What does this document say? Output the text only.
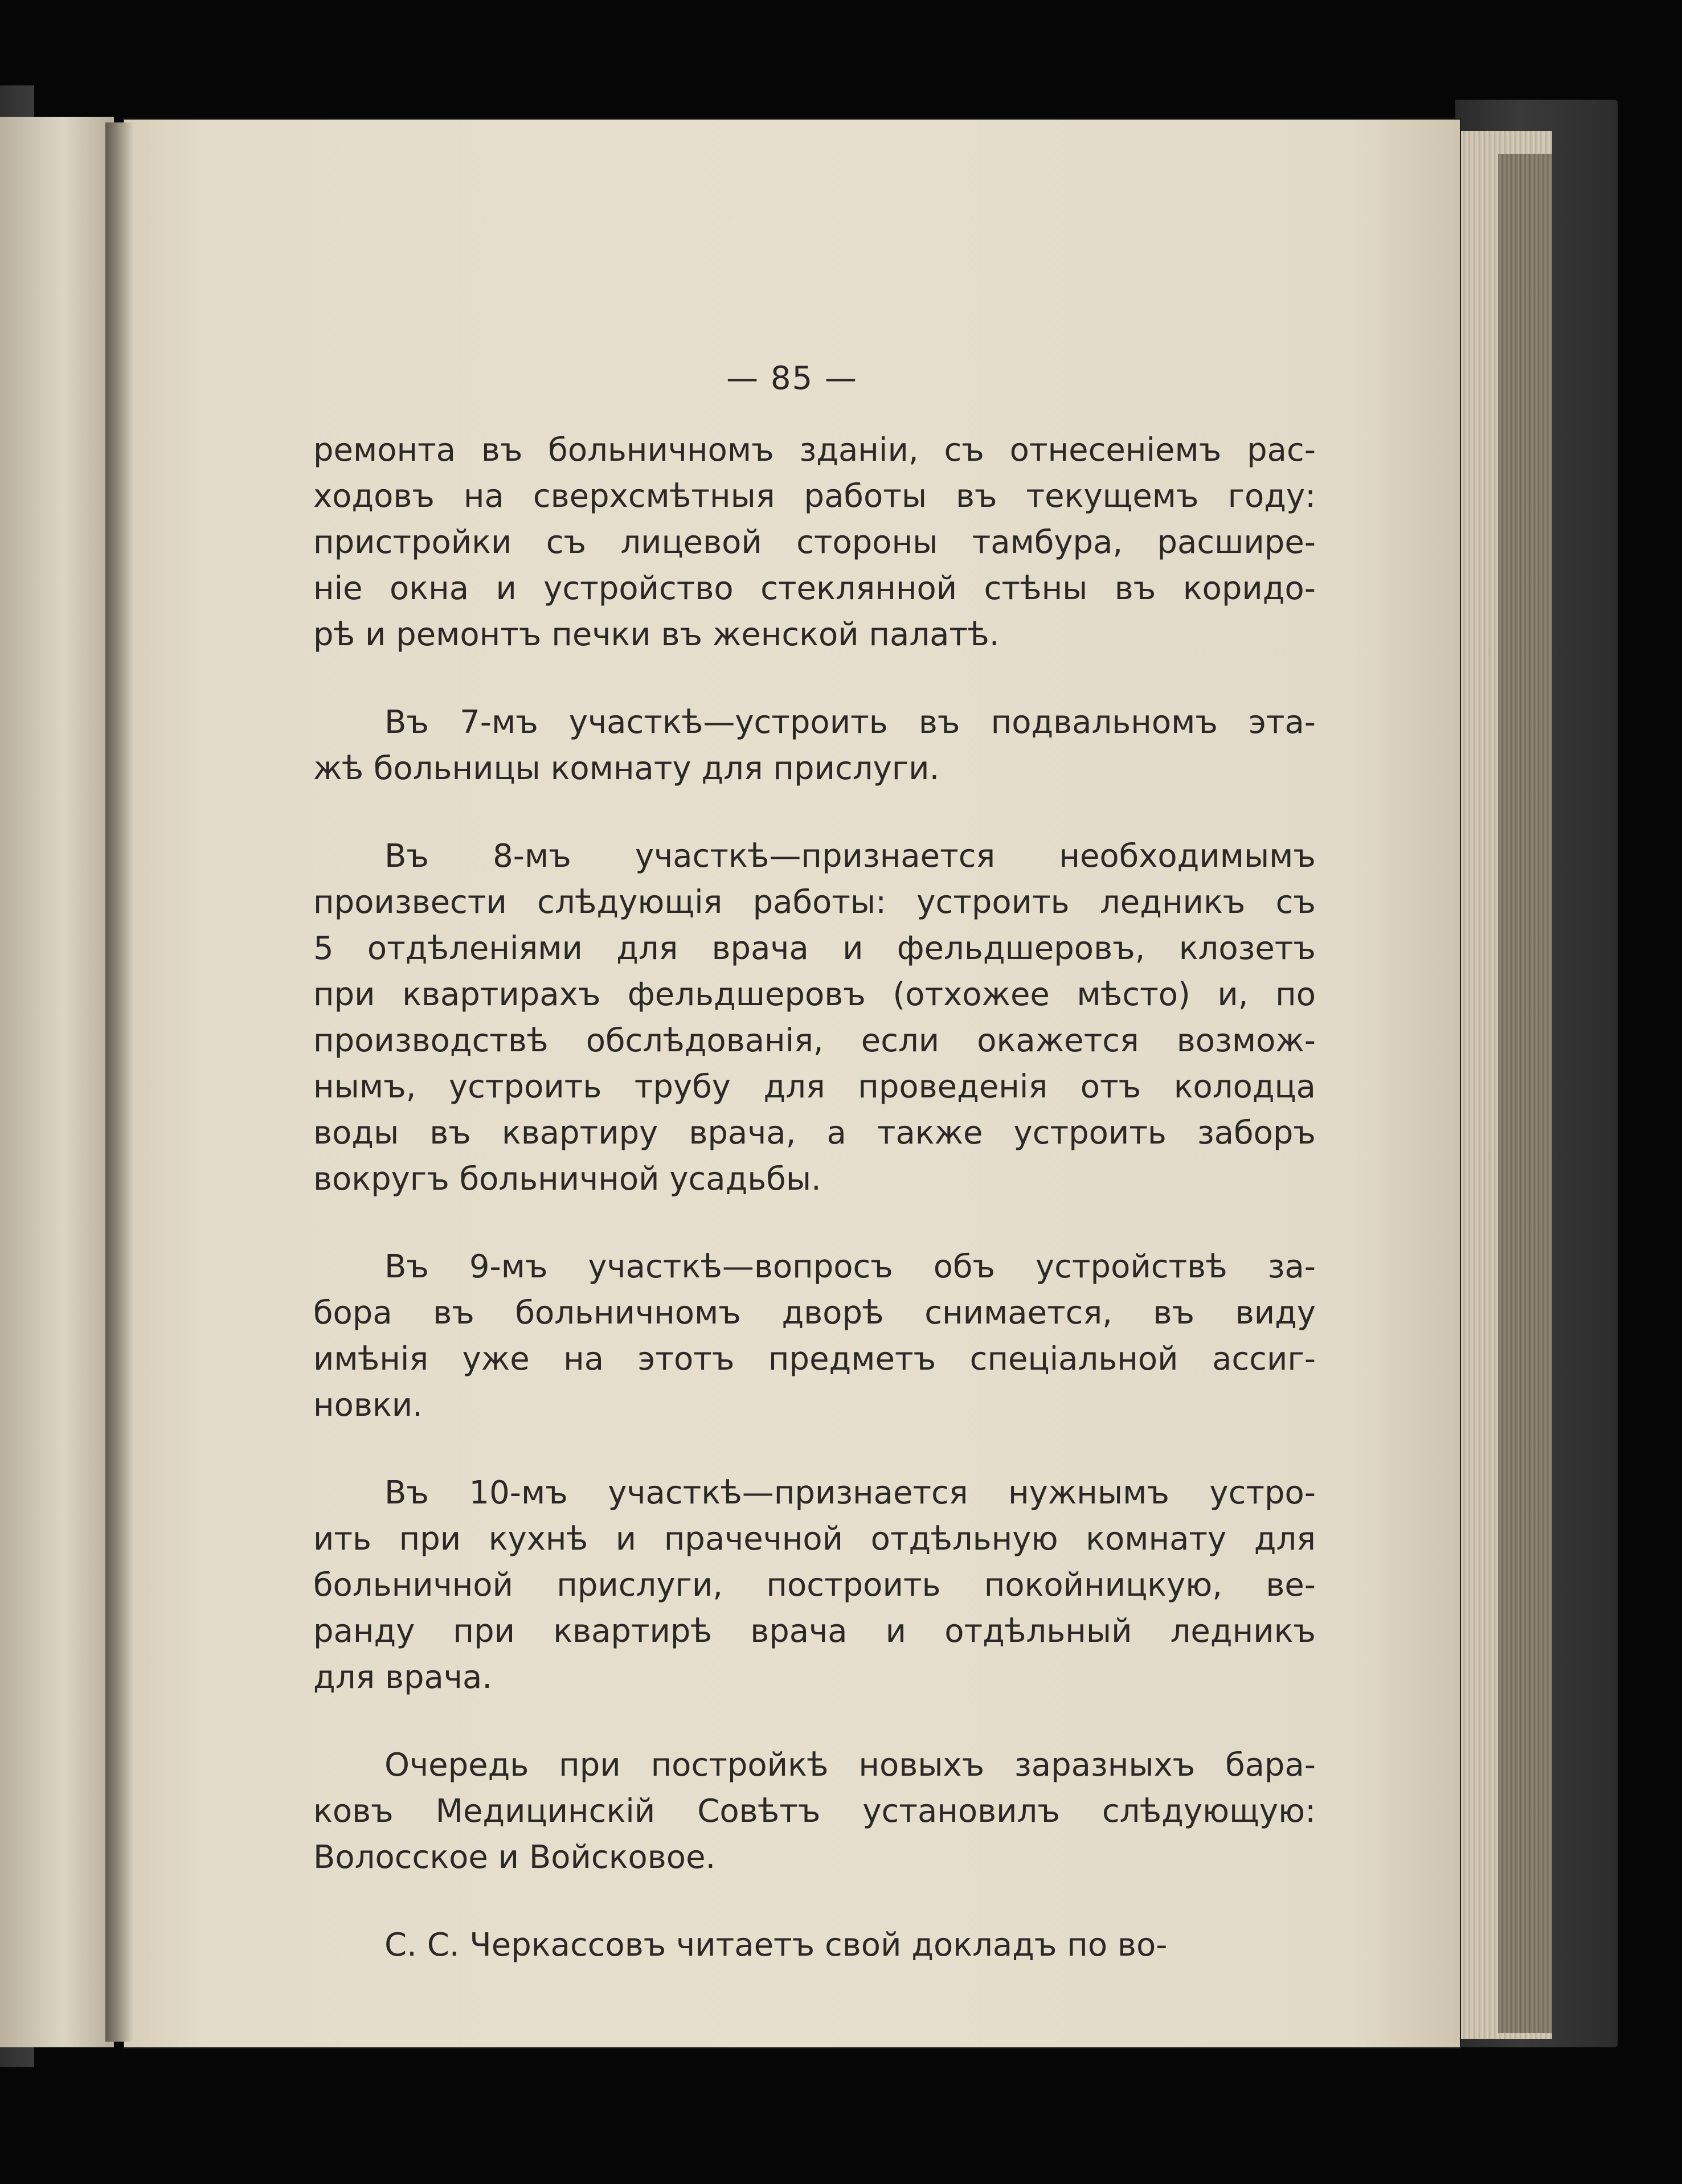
— 85 —
ремонта въ больничномъ зданіи, съ отнесеніемъ рас-
ходовъ на сверхсмѣтныя работы въ текущемъ году:
пристройки съ лицевой стороны тамбура, расшире-
ніе окна и устройство стеклянной стѣны въ коридо-
рѣ и ремонтъ печки въ женской палатѣ.
Въ 7-мъ участкѣ—устроить въ подвальномъ эта-
жѣ больницы комнату для прислуги.
Въ 8-мъ участкѣ—признается необходимымъ
произвести слѣдующія работы: устроить ледникъ съ
5 отдѣленіями для врача и фельдшеровъ, клозетъ
при квартирахъ фельдшеровъ (отхожее мѣсто) и, по
производствѣ обслѣдованія, если окажется возмож-
нымъ, устроить трубу для проведенія отъ колодца
воды въ квартиру врача, а также устроить заборъ
вокругъ больничной усадьбы.
Въ 9-мъ участкѣ—вопросъ объ устройствѣ за-
бора въ больничномъ дворѣ снимается, въ виду
имѣнія уже на этотъ предметъ спеціальной ассиг-
новки.
Въ 10-мъ участкѣ—признается нужнымъ устро-
ить при кухнѣ и прачечной отдѣльную комнату для
больничной прислуги, построить покойницкую, ве-
ранду при квартирѣ врача и отдѣльный ледникъ
для врача.
Очередь при постройкѣ новыхъ заразныхъ бара-
ковъ Медицинскій Совѣтъ установилъ слѣдующую:
Волосское и Войсковое.
С. С. Черкассовъ читаетъ свой докладъ по во-
